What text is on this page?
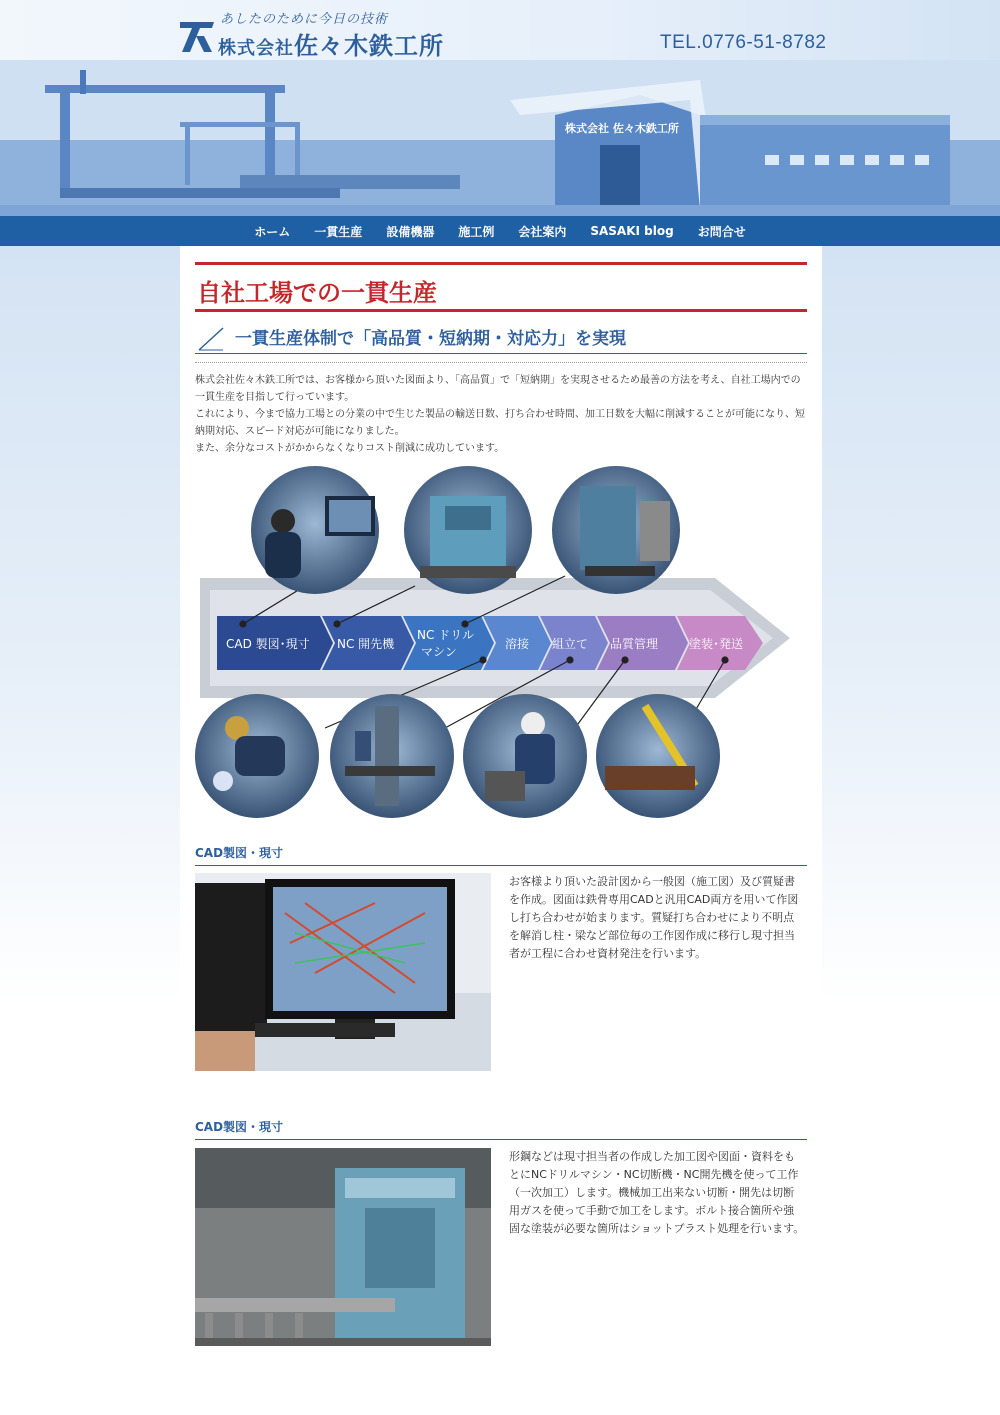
あしたのために今日の技術
株式会社佐々木鉄工所	TEL.0776-51-8782
株式会社 佐々木鉄工所
ホーム	一貫生産	設備機器	施工例	会社案内	SASAKI blog	お問合せ
自社工場での一貫生産
一貫生産体制で「高品質・短納期・対応力」を実現

株式会社佐々木鉄工所では、お客様から頂いた図面より、「高品質」で「短納期」を実現させるため最善の方法を考え、自社工場内での一貫生産を目指して行っています。

これにより、今まで協力工場との分業の中で生じた製品の輸送日数、打ち合わせ時間、加工日数を大幅に削減することが可能になり、短納期対応、スピード対応が可能になりました。

また、余分なコストがかからなくなりコスト削減に成功しています。

CAD 製図･現寸 NC 開先機
NC ドリル
マシン
溶接 組立て 品質管理	塗装･発送
CAD製図・現寸
お客様より頂いた設計図から一般図（施工図）及び質疑書を作成。図面は鉄骨専用CADと汎用CAD両方を用いて作図し打ち合わせが始まります。質疑打ち合わせにより不明点を解消し柱・梁など部位毎の工作図作成に移行し現寸担当者が工程に合わせ資材発注を行います。
CAD製図・現寸
形鋼などは現寸担当者の作成した加工図や図面・資料をもとにNCドリルマシン・NC切断機・NC開先機を使って工作（一次加工）します。機械加工出来ない切断・開先は切断用ガスを使って手動で加工をします。ボルト接合箇所や強固な塗装が必要な箇所はショットブラスト処理を行います。
